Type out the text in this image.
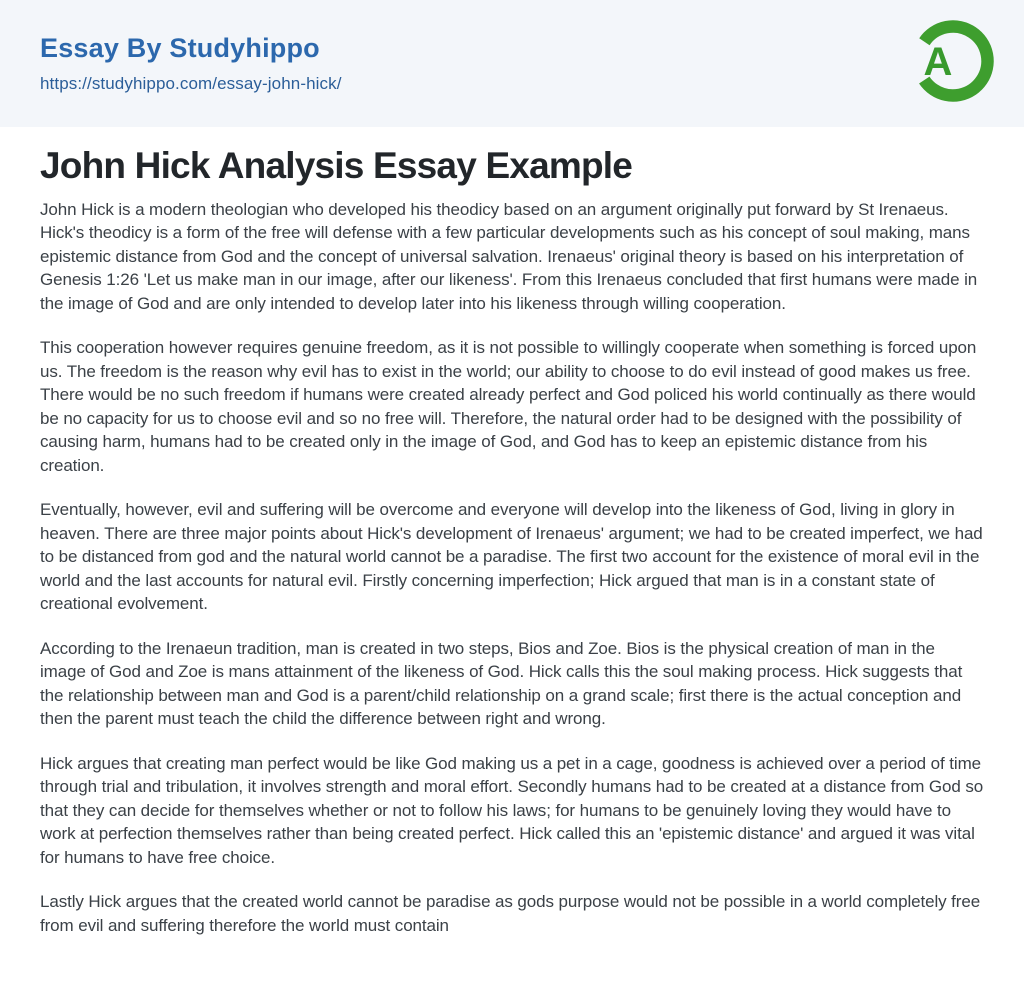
Essay By Studyhippo
https://studyhippo.com/essay-john-hick/	A
John Hick Analysis Essay Example

John Hick is a modern theologian who developed his theodicy based on an argument originally put forward by St Irenaeus. Hick's theodicy is a form of the free will defense with a few particular developments such as his concept of soul making, mans epistemic distance from God and the concept of universal salvation. Irenaeus' original theory is based on his interpretation of Genesis 1:26 'Let us make man in our image, after our likeness'. From this Irenaeus concluded that first humans were made in the image of God and are only intended to develop later into his likeness through willing cooperation.

This cooperation however requires genuine freedom, as it is not possible to willingly cooperate when something is forced upon us. The freedom is the reason why evil has to exist in the world; our ability to choose to do evil instead of good makes us free. There would be no such freedom if humans were created already perfect and God policed his world continually as there would be no capacity for us to choose evil and so no free will. Therefore, the natural order had to be designed with the possibility of causing harm, humans had to be created only in the image of God, and God has to keep an epistemic distance from his creation.

Eventually, however, evil and suffering will be overcome and everyone will develop into the likeness of God, living in glory in heaven. There are three major points about Hick's development of Irenaeus' argument; we had to be created imperfect, we had to be distanced from god and the natural world cannot be a paradise. The first two account for the existence of moral evil in the world and the last accounts for natural evil. Firstly concerning imperfection; Hick argued that man is in a constant state of creational evolvement.

According to the Irenaeun tradition, man is created in two steps, Bios and Zoe. Bios is the physical creation of man in the image of God and Zoe is mans attainment of the likeness of God. Hick calls this the soul making process. Hick suggests that the relationship between man and God is a parent/child relationship on a grand scale; first there is the actual conception and then the parent must teach the child the difference between right and wrong.

Hick argues that creating man perfect would be like God making us a pet in a cage, goodness is achieved over a period of time through trial and tribulation, it involves strength and moral effort. Secondly humans had to be created at a distance from God so that they can decide for themselves whether or not to follow his laws; for humans to be genuinely loving they would have to work at perfection themselves rather than being created perfect. Hick called this an 'epistemic distance' and argued it was vital for humans to have free choice.

Lastly Hick argues that the created world cannot be paradise as gods purpose would not be possible in a world completely free from evil and suffering therefore the world must contain
